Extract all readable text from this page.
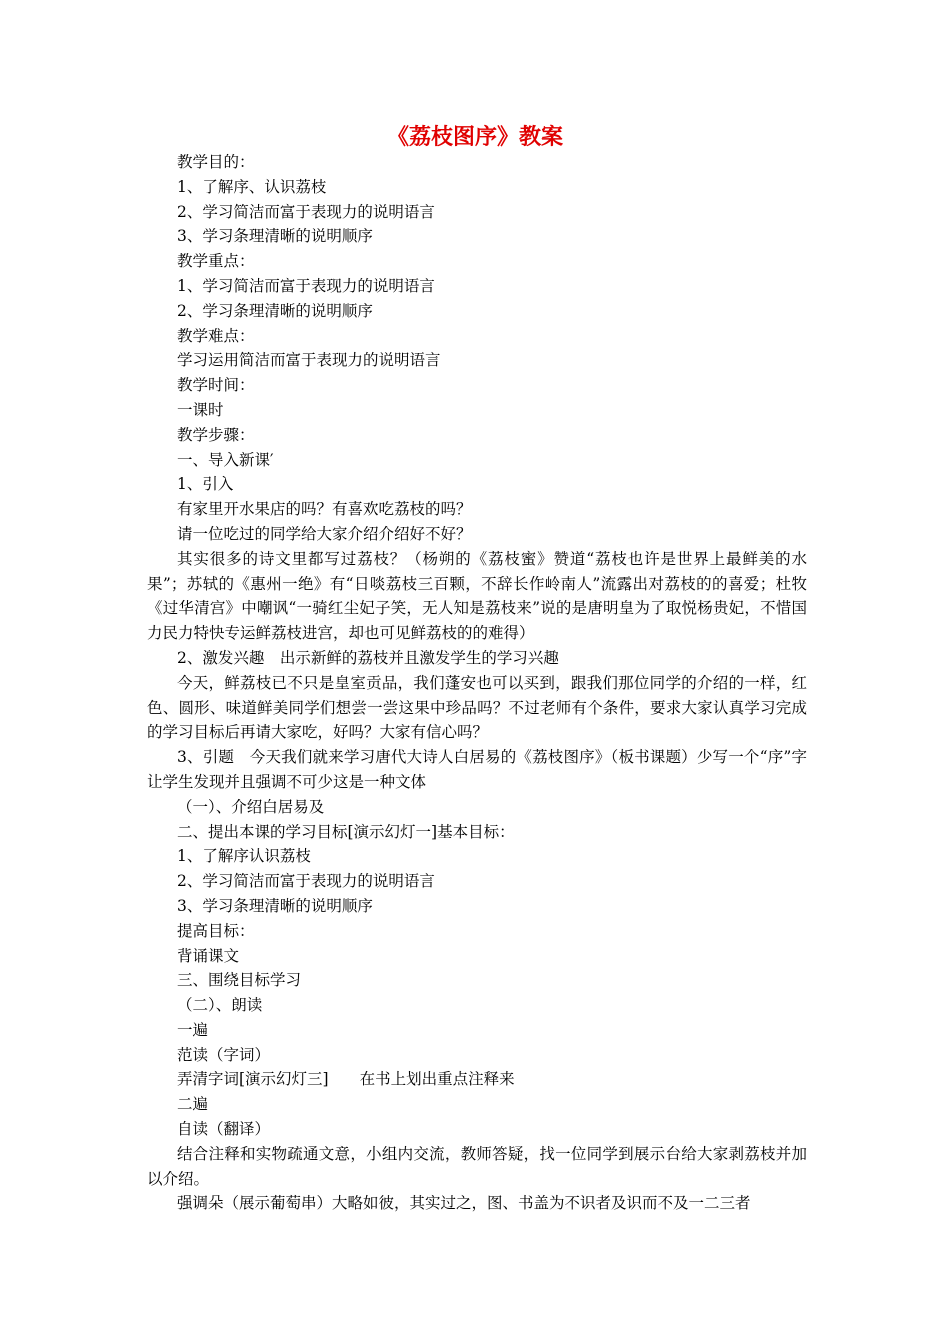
《荔枝图序》教案
教学目的：
1、了解序、认识荔枝
2、学习简洁而富于表现力的说明语言
3、学习条理清晰的说明顺序
教学重点：
1、学习简洁而富于表现力的说明语言
2、学习条理清晰的说明顺序
教学难点：
学习运用简洁而富于表现力的说明语言
教学时间：
一课时
教学步骤：
一、导入新课′
1、引入
有家里开水果店的吗？有喜欢吃荔枝的吗？
请一位吃过的同学给大家介绍介绍好不好？
其实很多的诗文里都写过荔枝？（杨朔的《荔枝蜜》赞道“荔枝也许是世界上最鲜美的水果”；苏轼的《惠州一绝》有“日啖荔枝三百颗，不辞长作岭南人”流露出对荔枝的的喜爱；杜牧《过华清宫》中嘲讽“一骑红尘妃子笑，无人知是荔枝来”说的是唐明皇为了取悦杨贵妃，不惜国力民力特快专运鲜荔枝进宫，却也可见鲜荔枝的的难得）
2、激发兴趣　出示新鲜的荔枝并且激发学生的学习兴趣
今天，鲜荔枝已不只是皇室贡品，我们蓬安也可以买到，跟我们那位同学的介绍的一样，红色、圆形、味道鲜美同学们想尝一尝这果中珍品吗？不过老师有个条件，要求大家认真学习完成的学习目标后再请大家吃，好吗？大家有信心吗？
3、引题　今天我们就来学习唐代大诗人白居易的《荔枝图序》（板书课题）少写一个“序”字让学生发现并且强调不可少这是一种文体
（一）、介绍白居易及
二、提出本课的学习目标[演示幻灯一]基本目标：
1、了解序认识荔枝
2、学习简洁而富于表现力的说明语言
3、学习条理清晰的说明顺序
提高目标：
背诵课文
三、围绕目标学习
（二）、朗读
一遍
范读（字词）
弄清字词[演示幻灯三]　　在书上划出重点注释来
二遍
自读（翻译）
结合注释和实物疏通文意，小组内交流，教师答疑，找一位同学到展示台给大家剥荔枝并加以介绍。
强调朵（展示葡萄串）大略如彼，其实过之，图、书盖为不识者及识而不及一二三者
